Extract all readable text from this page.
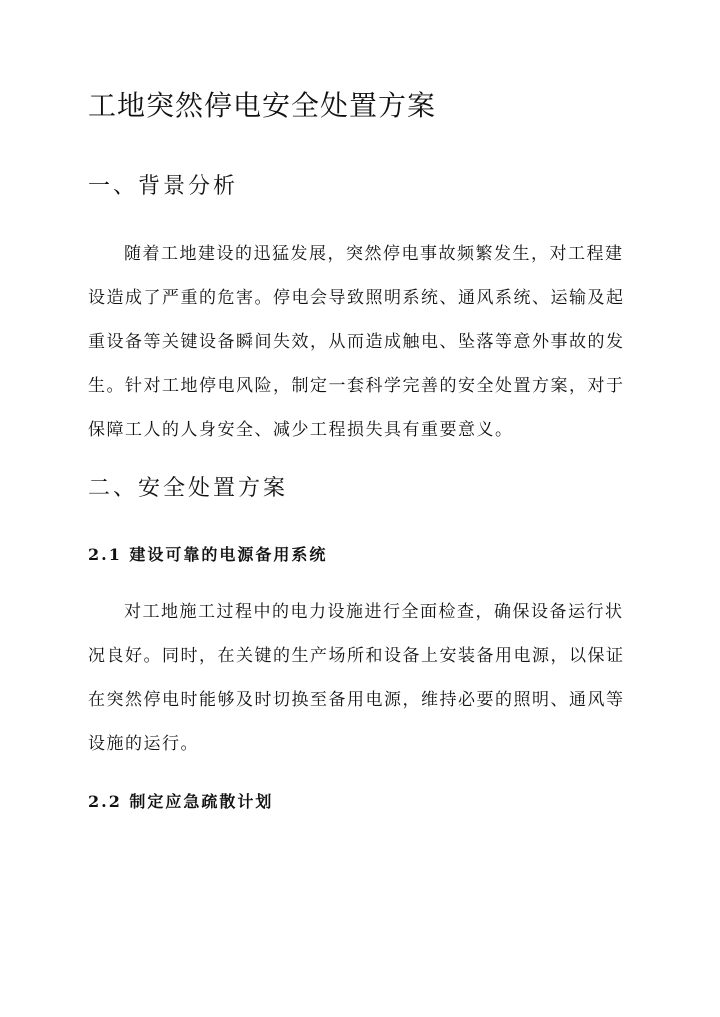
工地突然停电安全处置方案
一、背景分析
随着工地建设的迅猛发展，突然停电事故频繁发生，对工程建
设造成了严重的危害。停电会导致照明系统、通风系统、运输及起
重设备等关键设备瞬间失效，从而造成触电、坠落等意外事故的发
生。针对工地停电风险，制定一套科学完善的安全处置方案，对于
保障工人的人身安全、减少工程损失具有重要意义。
二、安全处置方案
2.1 建设可靠的电源备用系统
对工地施工过程中的电力设施进行全面检查，确保设备运行状
况良好。同时，在关键的生产场所和设备上安装备用电源，以保证
在突然停电时能够及时切换至备用电源，维持必要的照明、通风等
设施的运行。
2.2 制定应急疏散计划
